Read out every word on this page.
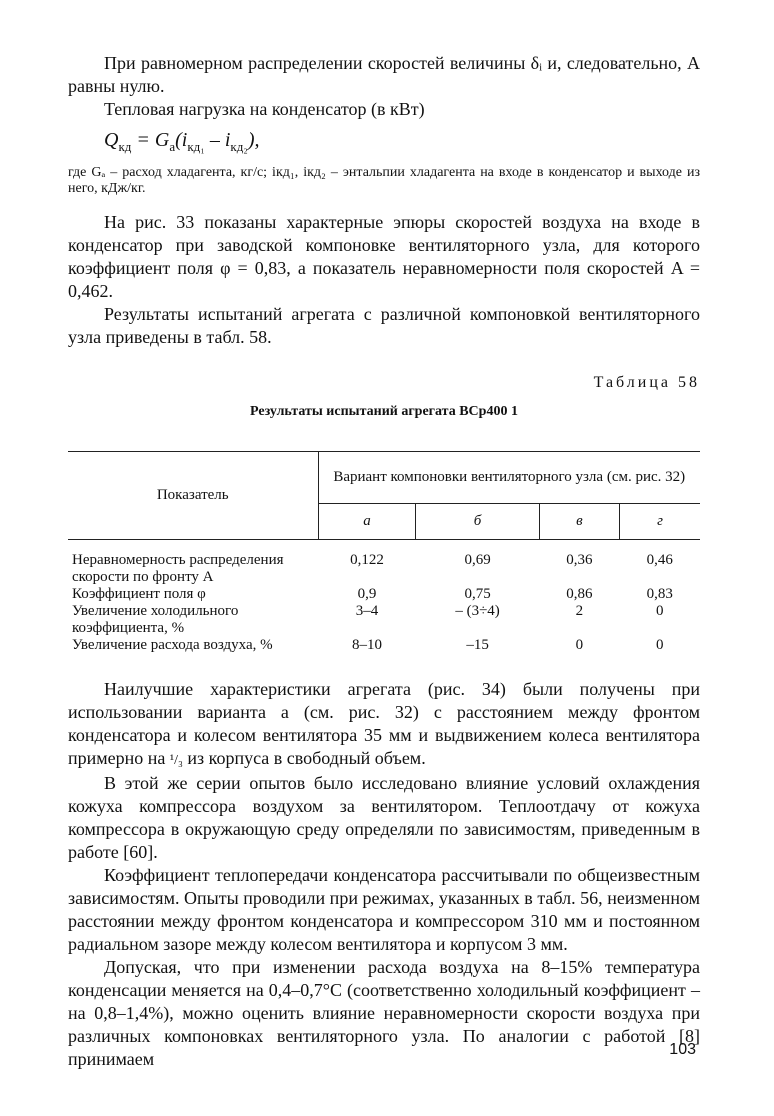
При равномерном распределении скоростей величины δᵢ и, следовательно, A равны нулю.

Тепловая нагрузка на конденсатор (в кВт)

$Q_{кд} = G_a(i_{кд_1} - i_{кд_2})$,

где Gₐ – расход хладагента, кг/с; iкд₁, iкд₂ – энтальпии хладагента на входе в конденсатор и выходе из него, кДж/кг.

На рис. 33 показаны характерные эпюры скоростей воздуха на входе в конденсатор при заводской компоновке вентиляторного узла, для которого коэффициент поля φ = 0,83, а показатель неравномерности поля скоростей A = 0,462.

Результаты испытаний агрегата с различной компоновкой вентиляторного узла приведены в табл. 58.

Таблица 58
Результаты испытаний агрегата ВСр400 1
Показатель	Вариант компоновки вентиляторного узла (см. рис. 32)			
	а	б	в	г
Неравномерность распределения скорости по фронту A	0,122	0,69	0,36	0,46
Коэффициент поля φ	0,9	0,75	0,86	0,83
Увеличение холодильного коэффициента, %	3–4	– (3÷4)	2	0
Увеличение расхода воздуха, %	8–10	–15	0	0

Наилучшие характеристики агрегата (рис. 34) были получены при использовании варианта а (см. рис. 32) с расстоянием между фронтом конденсатора и колесом вентилятора 35 мм и выдвижением колеса вентилятора примерно на ¹/₃ из корпуса в свободный объем.

В этой же серии опытов было исследовано влияние условий охлаждения кожуха компрессора воздухом за вентилятором. Теплоотдачу от кожуха компрессора в окружающую среду определяли по зависимостям, приведенным в работе [60].

Коэффициент теплопередачи конденсатора рассчитывали по общеизвестным зависимостям. Опыты проводили при режимах, указанных в табл. 56, неизменном расстоянии между фронтом конденсатора и компрессором 310 мм и постоянном радиальном зазоре между колесом вентилятора и корпусом 3 мм.

Допуская, что при изменении расхода воздуха на 8–15% температура конденсации меняется на 0,4–0,7°C (соответственно холодильный коэффициент – на 0,8–1,4%), можно оценить влияние неравномерности скорости воздуха при различных компоновках вентиляторного узла. По аналогии с работой [8] принимаем	103
